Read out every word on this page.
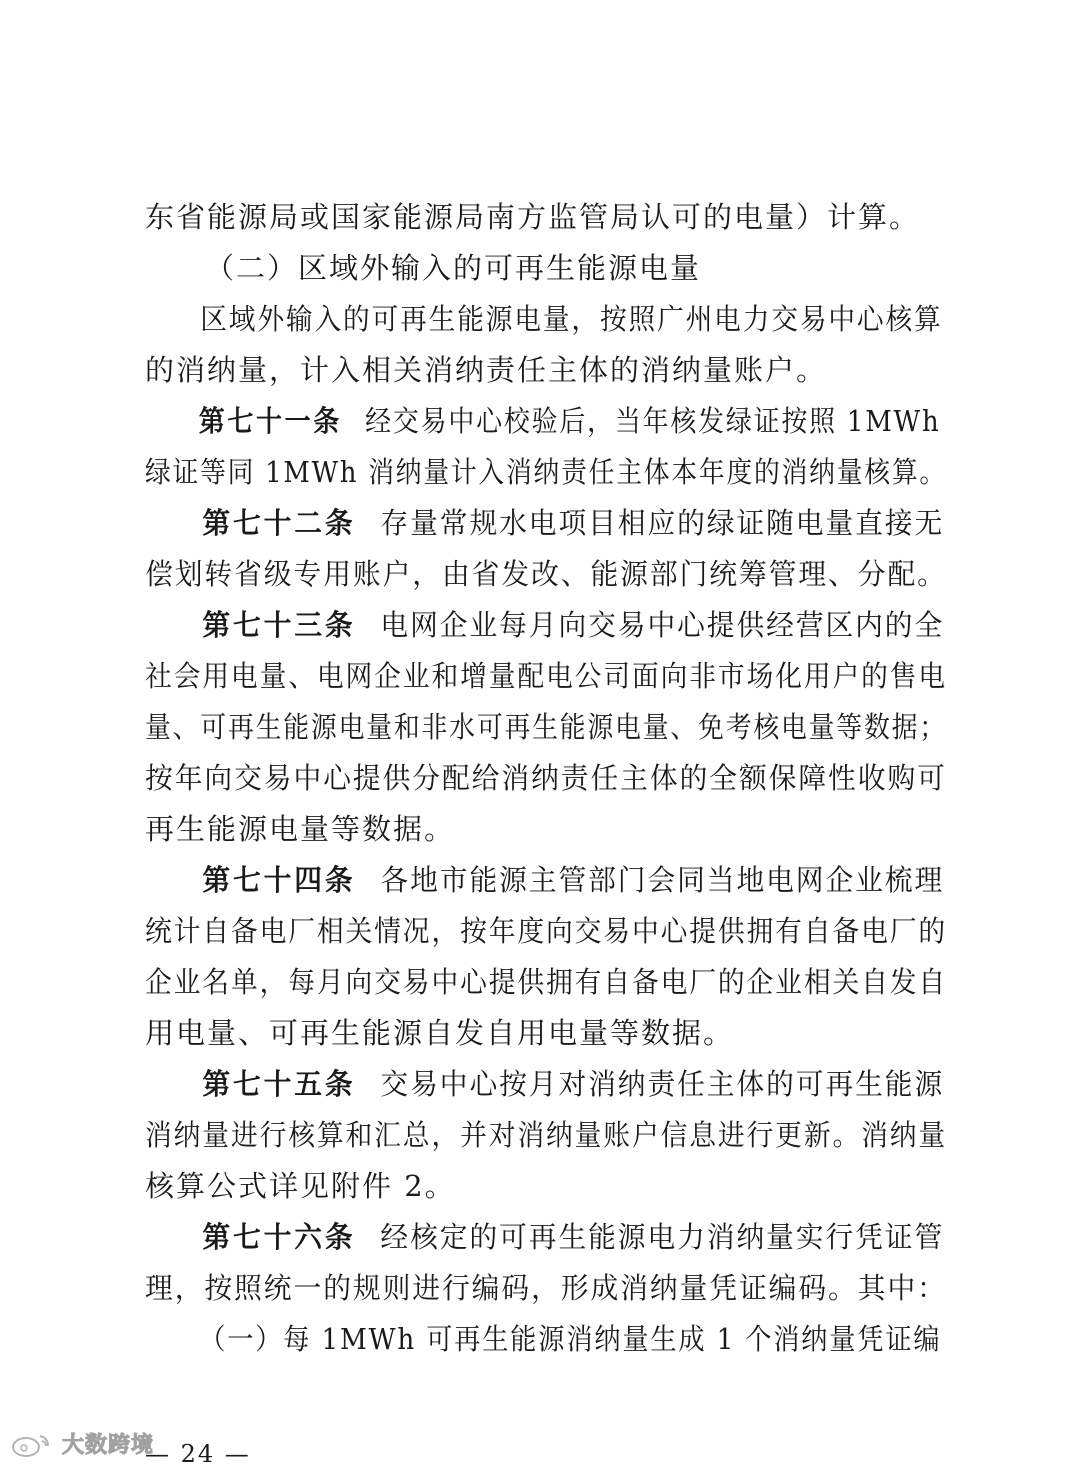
东省能源局或国家能源局南方监管局认可的电量）计算。
（二）区域外输入的可再生能源电量
区域外输入的可再生能源电量，按照广州电力交易中心核算
的消纳量，计入相关消纳责任主体的消纳量账户。
第七十一条 经交易中心校验后，当年核发绿证按照 1MWh
绿证等同 1MWh 消纳量计入消纳责任主体本年度的消纳量核算。
第七十二条 存量常规水电项目相应的绿证随电量直接无
偿划转省级专用账户，由省发改、能源部门统筹管理、分配。
第七十三条 电网企业每月向交易中心提供经营区内的全
社会用电量、电网企业和增量配电公司面向非市场化用户的售电
量、可再生能源电量和非水可再生能源电量、免考核电量等数据；
按年向交易中心提供分配给消纳责任主体的全额保障性收购可
再生能源电量等数据。
第七十四条 各地市能源主管部门会同当地电网企业梳理
统计自备电厂相关情况，按年度向交易中心提供拥有自备电厂的
企业名单，每月向交易中心提供拥有自备电厂的企业相关自发自
用电量、可再生能源自发自用电量等数据。
第七十五条 交易中心按月对消纳责任主体的可再生能源
消纳量进行核算和汇总，并对消纳量账户信息进行更新。消纳量
核算公式详见附件 2。
第七十六条 经核定的可再生能源电力消纳量实行凭证管
理，按照统一的规则进行编码，形成消纳量凭证编码。其中：
（一）每 1MWh 可再生能源消纳量生成 1 个消纳量凭证编
— 24 —
大数跨境
